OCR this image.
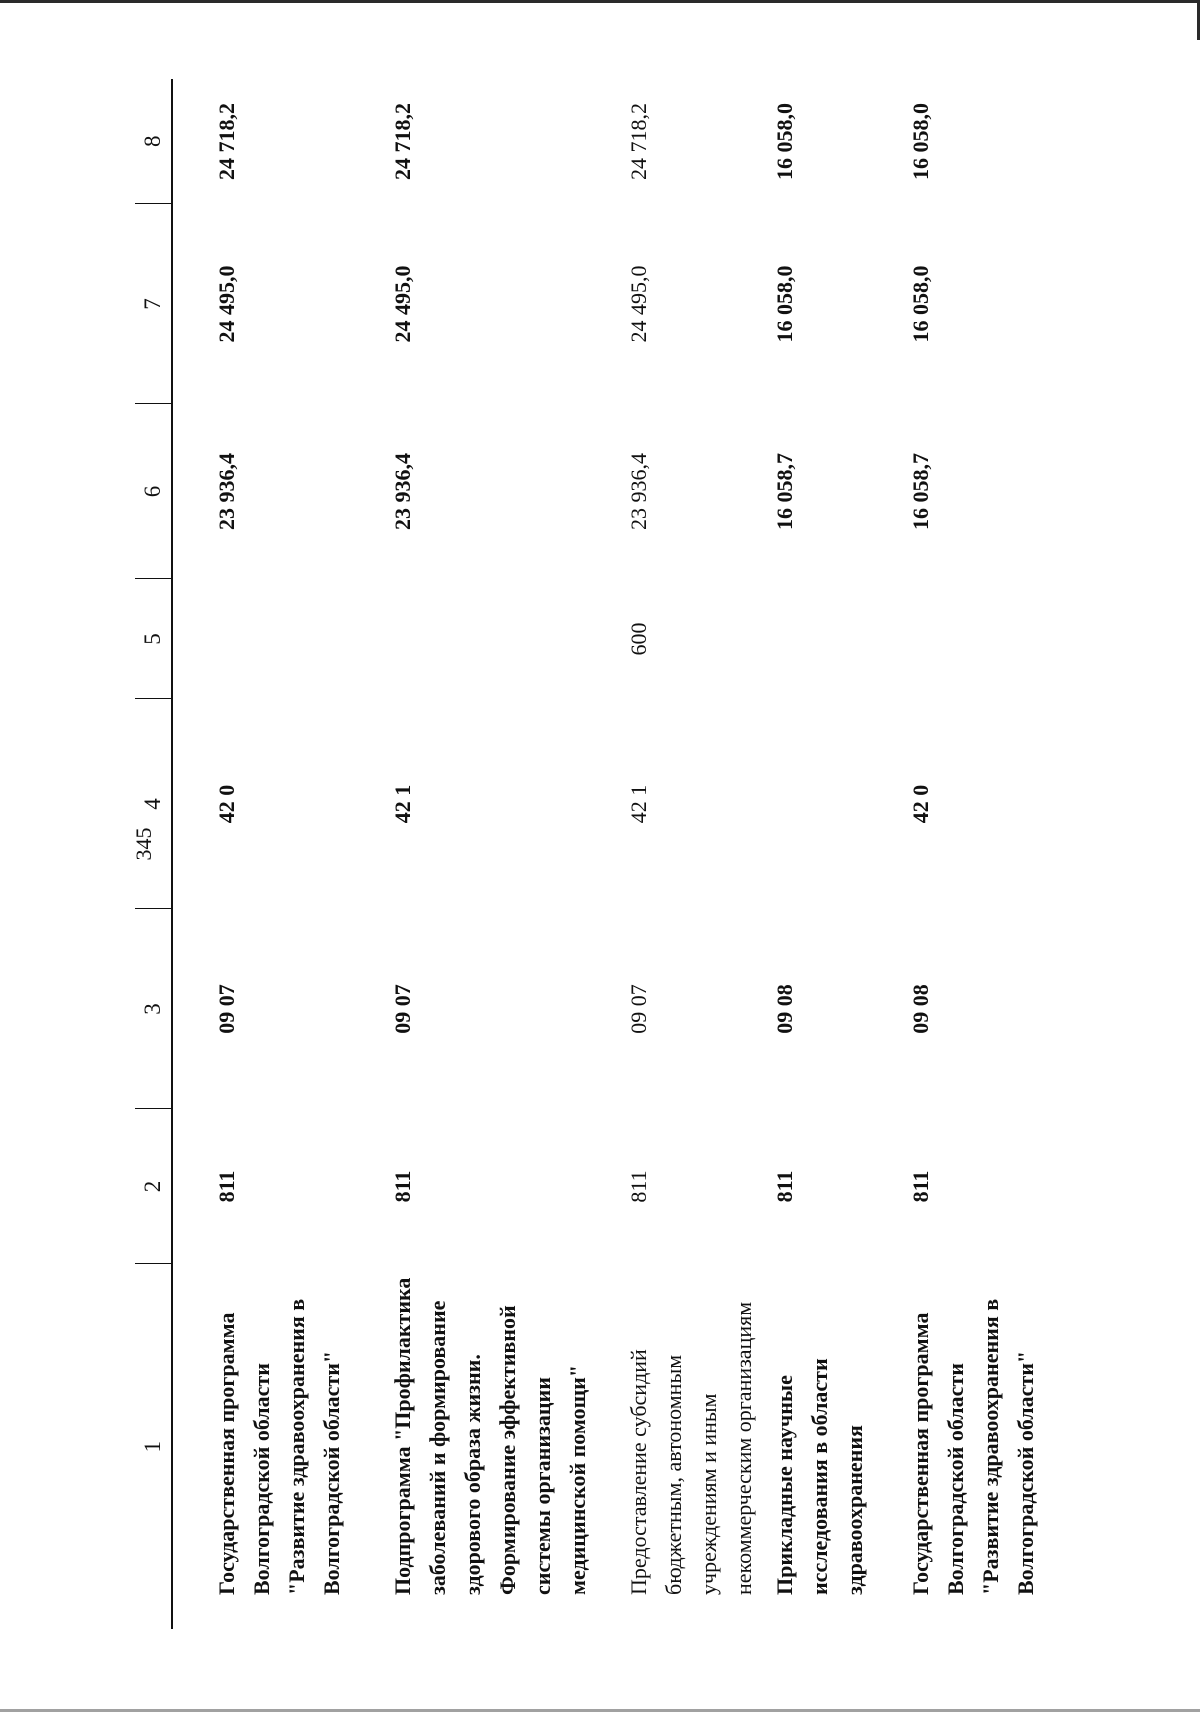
345
1	2	3	4	5	6	7	8
Государственная программа Волгоградской области "Развитие здравоохранения в Волгоградской области"	811	09 07	42 0		23 936,4	24 495,0	24 718,2
Подпрограмма "Профилактика заболеваний и формирование здорового образа жизни. Формирование эффективной системы организации медицинской помощи"	811	09 07	42 1		23 936,4	24 495,0	24 718,2
Предоставление субсидий бюджетным, автономным учреждениям и иным некоммерческим организациям	811	09 07	42 1	600	23 936,4	24 495,0	24 718,2
Прикладные научные исследования в области здравоохранения	811	09 08			16 058,7	16 058,0	16 058,0
Государственная программа Волгоградской области "Развитие здравоохранения в Волгоградской области"	811	09 08	42 0		16 058,7	16 058,0	16 058,0
